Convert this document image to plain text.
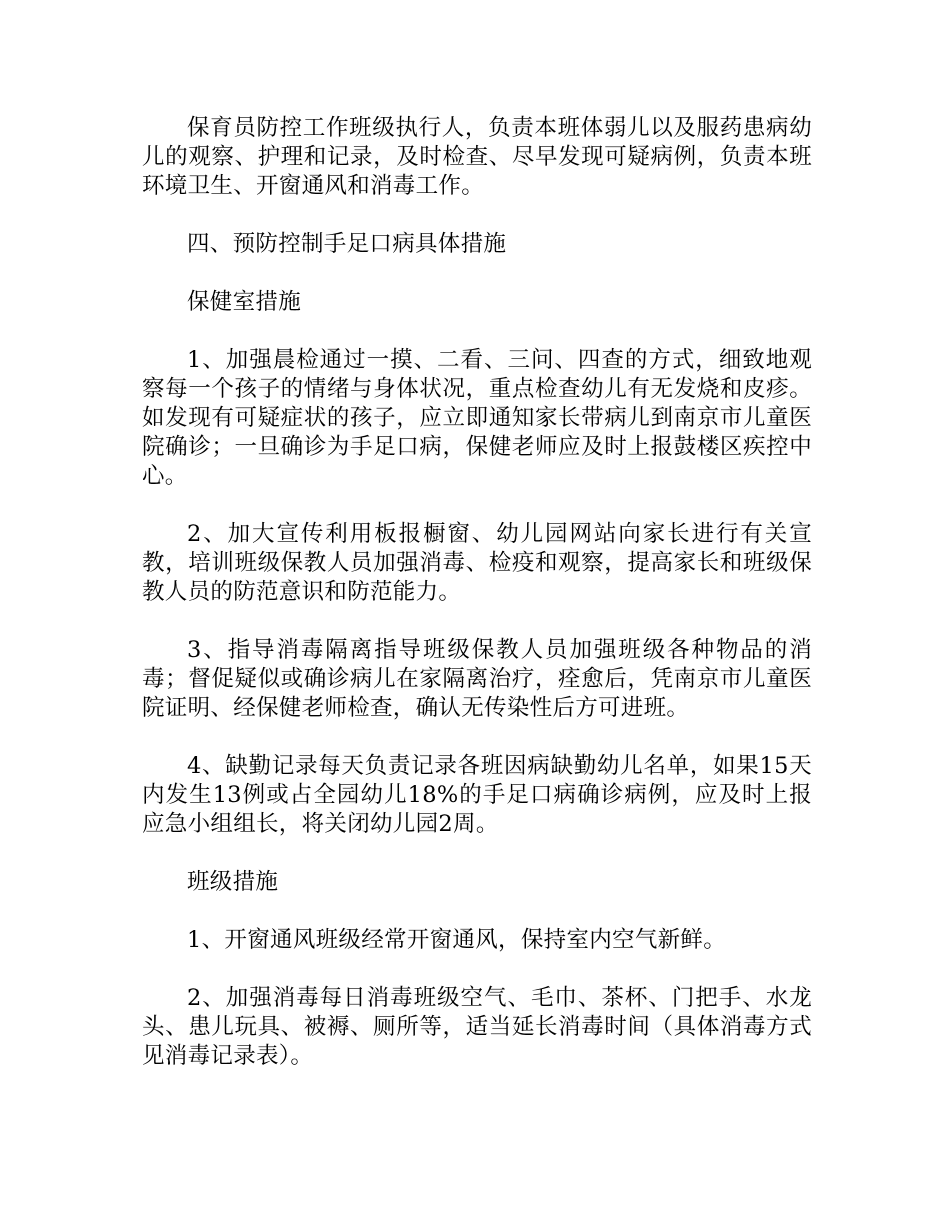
保育员防控工作班级执行人，负责本班体弱儿以及服药患病幼儿的观察、护理和记录，及时检查、尽早发现可疑病例，负责本班环境卫生、开窗通风和消毒工作。

四、预防控制手足口病具体措施

保健室措施

1、加强晨检通过一摸、二看、三问、四查的方式，细致地观察每一个孩子的情绪与身体状况，重点检查幼儿有无发烧和皮疹。如发现有可疑症状的孩子，应立即通知家长带病儿到南京市儿童医院确诊；一旦确诊为手足口病，保健老师应及时上报鼓楼区疾控中心。

2、加大宣传利用板报橱窗、幼儿园网站向家长进行有关宣教，培训班级保教人员加强消毒、检疫和观察，提高家长和班级保教人员的防范意识和防范能力。

3、指导消毒隔离指导班级保教人员加强班级各种物品的消毒；督促疑似或确诊病儿在家隔离治疗，痊愈后，凭南京市儿童医院证明、经保健老师检查，确认无传染性后方可进班。

4、缺勤记录每天负责记录各班因病缺勤幼儿名单，如果15天内发生13例或占全园幼儿18%的手足口病确诊病例，应及时上报应急小组组长，将关闭幼儿园2周。

班级措施

1、开窗通风班级经常开窗通风，保持室内空气新鲜。

2、加强消毒每日消毒班级空气、毛巾、茶杯、门把手、水龙头、患儿玩具、被褥、厕所等，适当延长消毒时间（具体消毒方式见消毒记录表）。
